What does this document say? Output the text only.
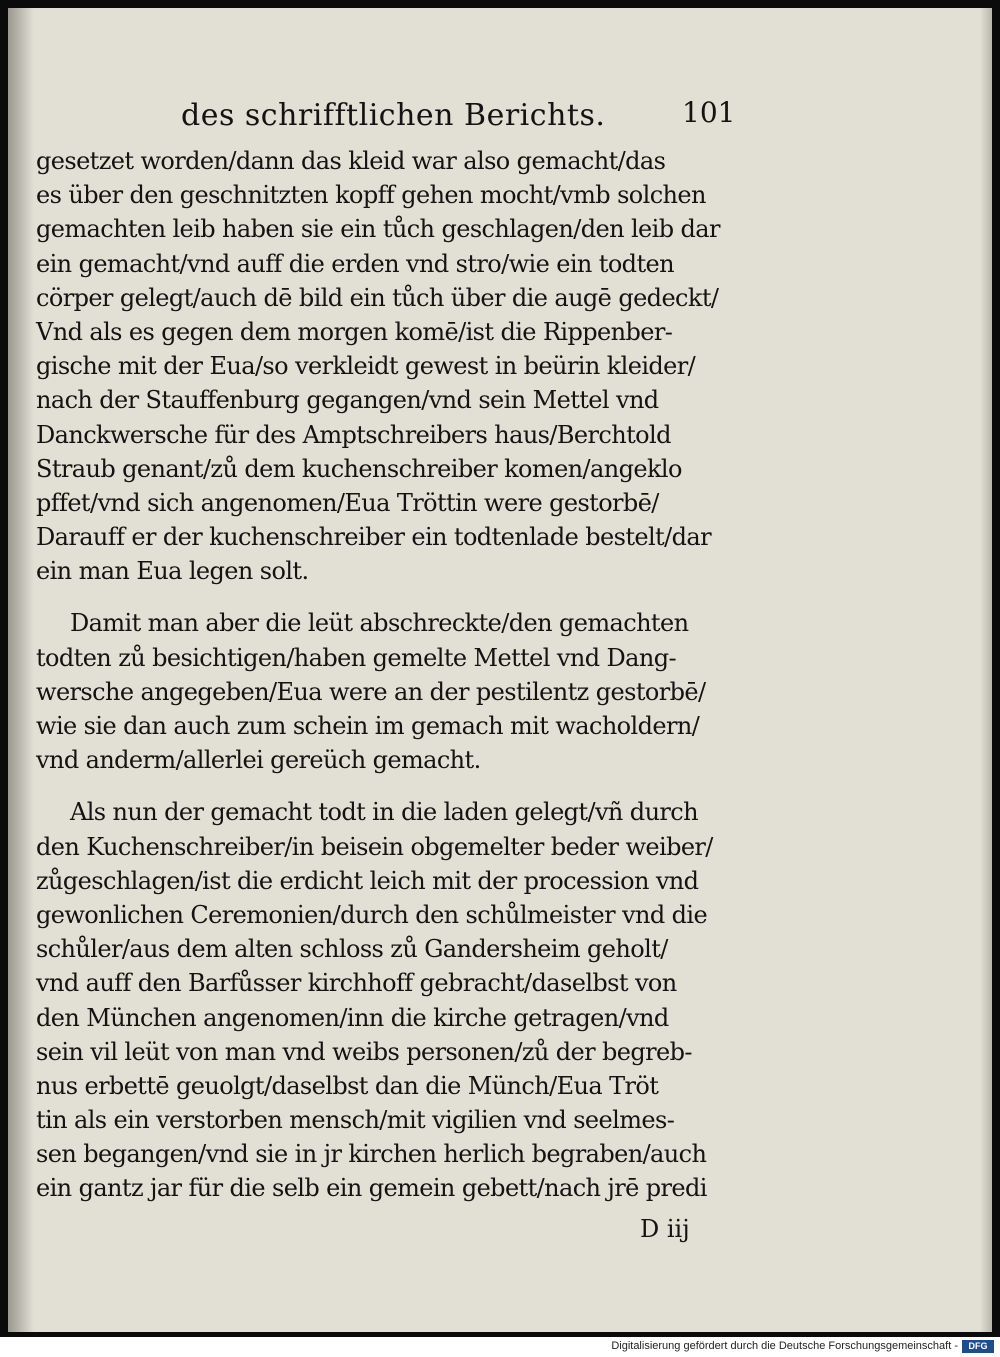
des schrifftlichen Berichts.	101
gesetzet worden/dann das kleid war also gemacht/das
es über den geschnitzten kopff gehen mocht/vmb solchen
gemachten leib haben sie ein tůch geschlagen/den leib dar
ein gemacht/vnd auff die erden vnd stro/wie ein todten
cörper gelegt/auch dē bild ein tůch über die augē gedeckt/
Vnd als es gegen dem morgen komē/ist die Rippenber-
gische mit der Eua/so verkleidt gewest in beürin kleider/
nach der Stauffenburg gegangen/vnd sein Mettel vnd
Danckwersche für des Amptschreibers haus/Berchtold
Straub genant/zů dem kuchenschreiber komen/angeklo
pffet/vnd sich angenomen/Eua Tröttin were gestorbē/
Darauff er der kuchenschreiber ein todtenlade bestelt/dar
ein man Eua legen solt.
Damit man aber die leüt abschreckte/den gemachten
todten zů besichtigen/haben gemelte Mettel vnd Dang-
wersche angegeben/Eua were an der pestilentz gestorbē/
wie sie dan auch zum schein im gemach mit wacholdern/
vnd anderm/allerlei gereüch gemacht.
Als nun der gemacht todt in die laden gelegt/vñ durch
den Kuchenschreiber/in beisein obgemelter beder weiber/
zůgeschlagen/ist die erdicht leich mit der procession vnd
gewonlichen Ceremonien/durch den schůlmeister vnd die
schůler/aus dem alten schloss zů Gandersheim geholt/
vnd auff den Barfůsser kirchhoff gebracht/daselbst von
den München angenomen/inn die kirche getragen/vnd
sein vil leüt von man vnd weibs personen/zů der begreb-
nus erbettē geuolgt/daselbst dan die Münch/Eua Tröt
tin als ein verstorben mensch/mit vigilien vnd seelmes-
sen begangen/vnd sie in jr kirchen herlich begraben/auch
ein gantz jar für die selb ein gemein gebett/nach jrē predi
D iij
Digitalisierung gefördert durch die Deutsche Forschungsgemeinschaft -	DFG
